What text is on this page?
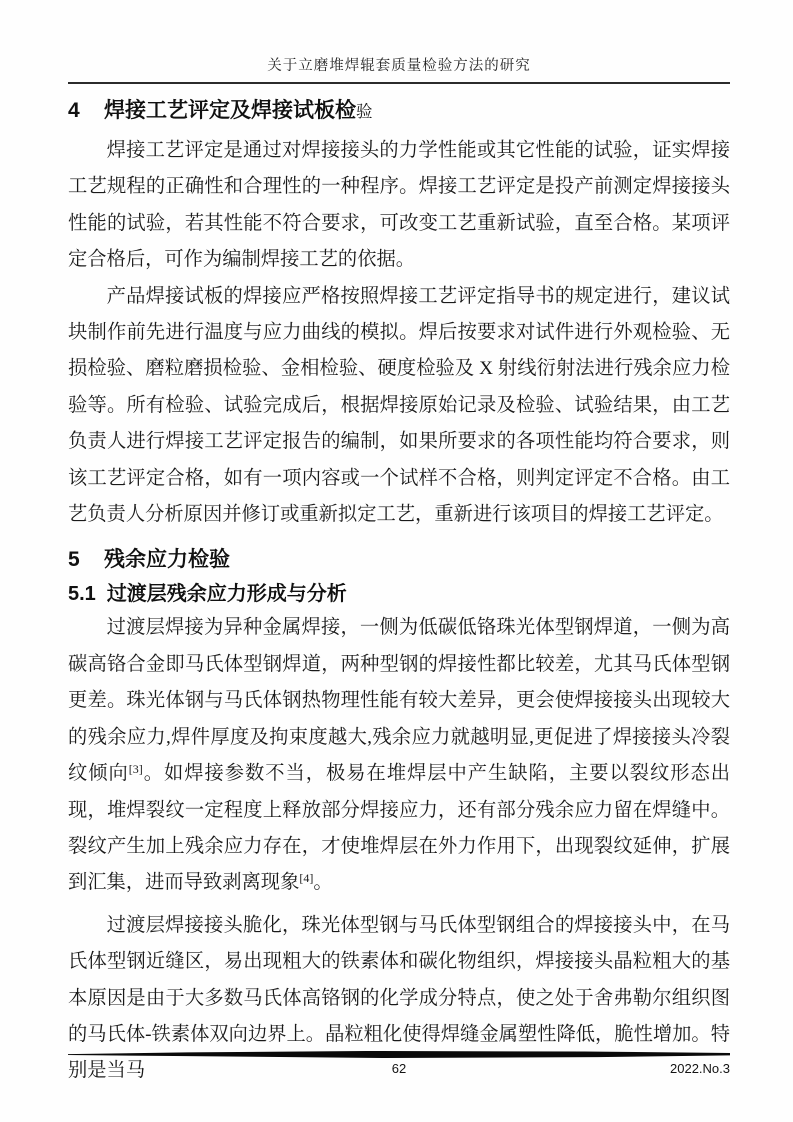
关于立磨堆焊辊套质量检验方法的研究
4 焊接工艺评定及焊接试板检验

焊接工艺评定是通过对焊接接头的力学性能或其它性能的试验，证实焊接工艺规程的正确性和合理性的一种程序。焊接工艺评定是投产前测定焊接接头性能的试验，若其性能不符合要求，可改变工艺重新试验，直至合格。某项评定合格后，可作为编制焊接工艺的依据。

产品焊接试板的焊接应严格按照焊接工艺评定指导书的规定进行，建议试块制作前先进行温度与应力曲线的模拟。焊后按要求对试件进行外观检验、无损检验、磨粒磨损检验、金相检验、硬度检验及 X 射线衍射法进行残余应力检验等。所有检验、试验完成后，根据焊接原始记录及检验、试验结果，由工艺负责人进行焊接工艺评定报告的编制，如果所要求的各项性能均符合要求，则该工艺评定合格，如有一项内容或一个试样不合格，则判定评定不合格。由工艺负责人分析原因并修订或重新拟定工艺，重新进行该项目的焊接工艺评定。

5 残余应力检验
5.1 过渡层残余应力形成与分析

过渡层焊接为异种金属焊接，一侧为低碳低铬珠光体型钢焊道，一侧为高碳高铬合金即马氏体型钢焊道，两种型钢的焊接性都比较差，尤其马氏体型钢更差。珠光体钢与马氏体钢热物理性能有较大差异，更会使焊接接头出现较大的残余应力,焊件厚度及拘束度越大,残余应力就越明显,更促进了焊接接头冷裂纹倾向[3]。如焊接参数不当，极易在堆焊层中产生缺陷，主要以裂纹形态出现，堆焊裂纹一定程度上释放部分焊接应力，还有部分残余应力留在焊缝中。裂纹产生加上残余应力存在，才使堆焊层在外力作用下，出现裂纹延伸，扩展到汇集，进而导致剥离现象[4]。

过渡层焊接接头脆化，珠光体型钢与马氏体型钢组合的焊接接头中，在马氏体型钢近缝区，易出现粗大的铁素体和碳化物组织，焊接接头晶粒粗大的基本原因是由于大多数马氏体高铬钢的化学成分特点，使之处于舍弗勒尔组织图的马氏体-铁素体双向边界上。晶粒粗化使得焊缝金属塑性降低，脆性增加。特别是当马	62	2022.No.3
